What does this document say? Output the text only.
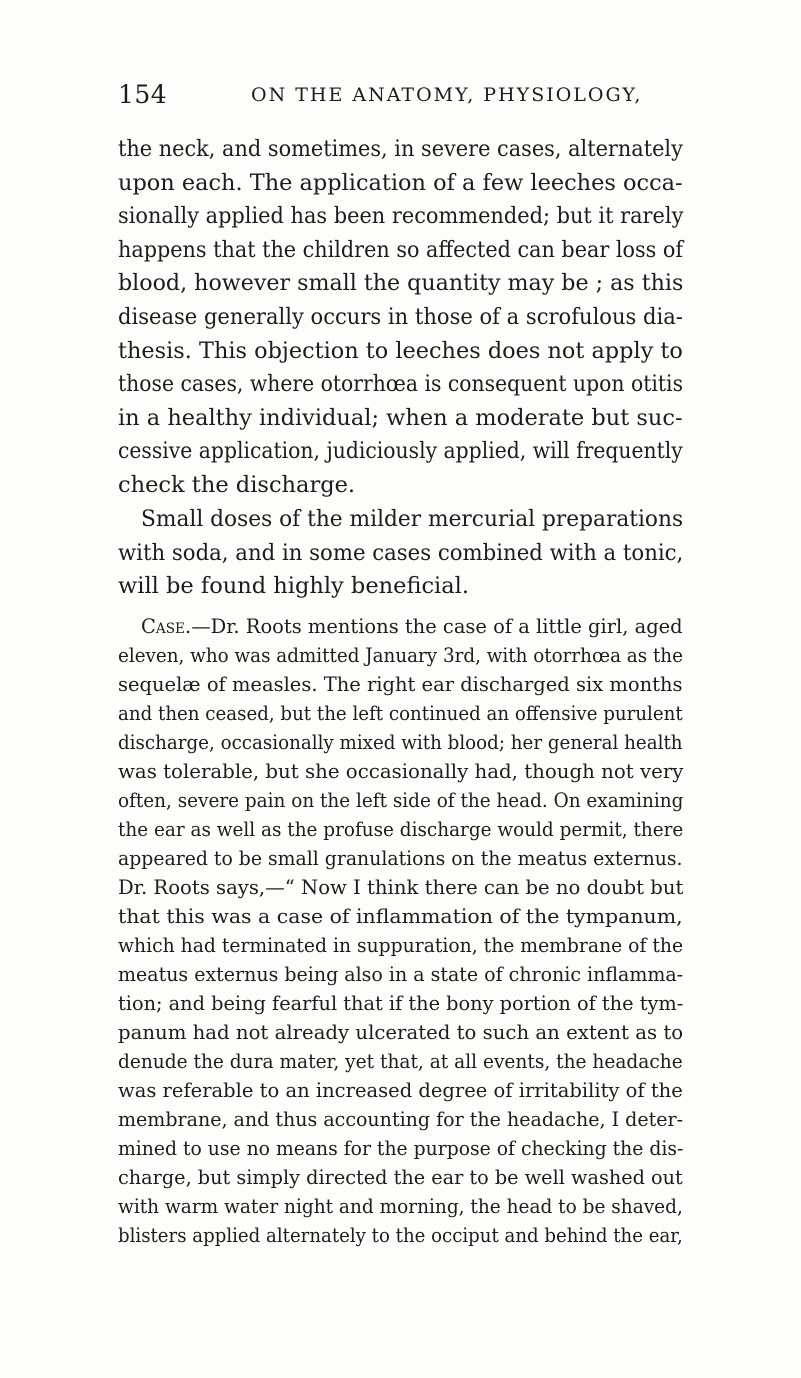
154	ON THE ANATOMY, PHYSIOLOGY,
the neck, and sometimes, in severe cases, alternately
upon each. The application of a few leeches occa-
sionally applied has been recommended; but it rarely
happens that the children so affected can bear loss of
blood, however small the quantity may be ; as this
disease generally occurs in those of a scrofulous dia-
thesis. This objection to leeches does not apply to
those cases, where otorrhœa is consequent upon otitis
in a healthy individual; when a moderate but suc-
cessive application, judiciously applied, will frequently
check the discharge.
Small doses of the milder mercurial preparations
with soda, and in some cases combined with a tonic,
will be found highly beneficial.
Case.—Dr. Roots mentions the case of a little girl, aged
eleven, who was admitted January 3rd, with otorrhœa as the
sequelæ of measles. The right ear discharged six months
and then ceased, but the left continued an offensive purulent
discharge, occasionally mixed with blood; her general health
was tolerable, but she occasionally had, though not very
often, severe pain on the left side of the head. On examining
the ear as well as the profuse discharge would permit, there
appeared to be small granulations on the meatus externus.
Dr. Roots says,—“ Now I think there can be no doubt but
that this was a case of inflammation of the tympanum,
which had terminated in suppuration, the membrane of the
meatus externus being also in a state of chronic inflamma-
tion; and being fearful that if the bony portion of the tym-
panum had not already ulcerated to such an extent as to
denude the dura mater, yet that, at all events, the headache
was referable to an increased degree of irritability of the
membrane, and thus accounting for the headache, I deter-
mined to use no means for the purpose of checking the dis-
charge, but simply directed the ear to be well washed out
with warm water night and morning, the head to be shaved,
blisters applied alternately to the occiput and behind the ear,
